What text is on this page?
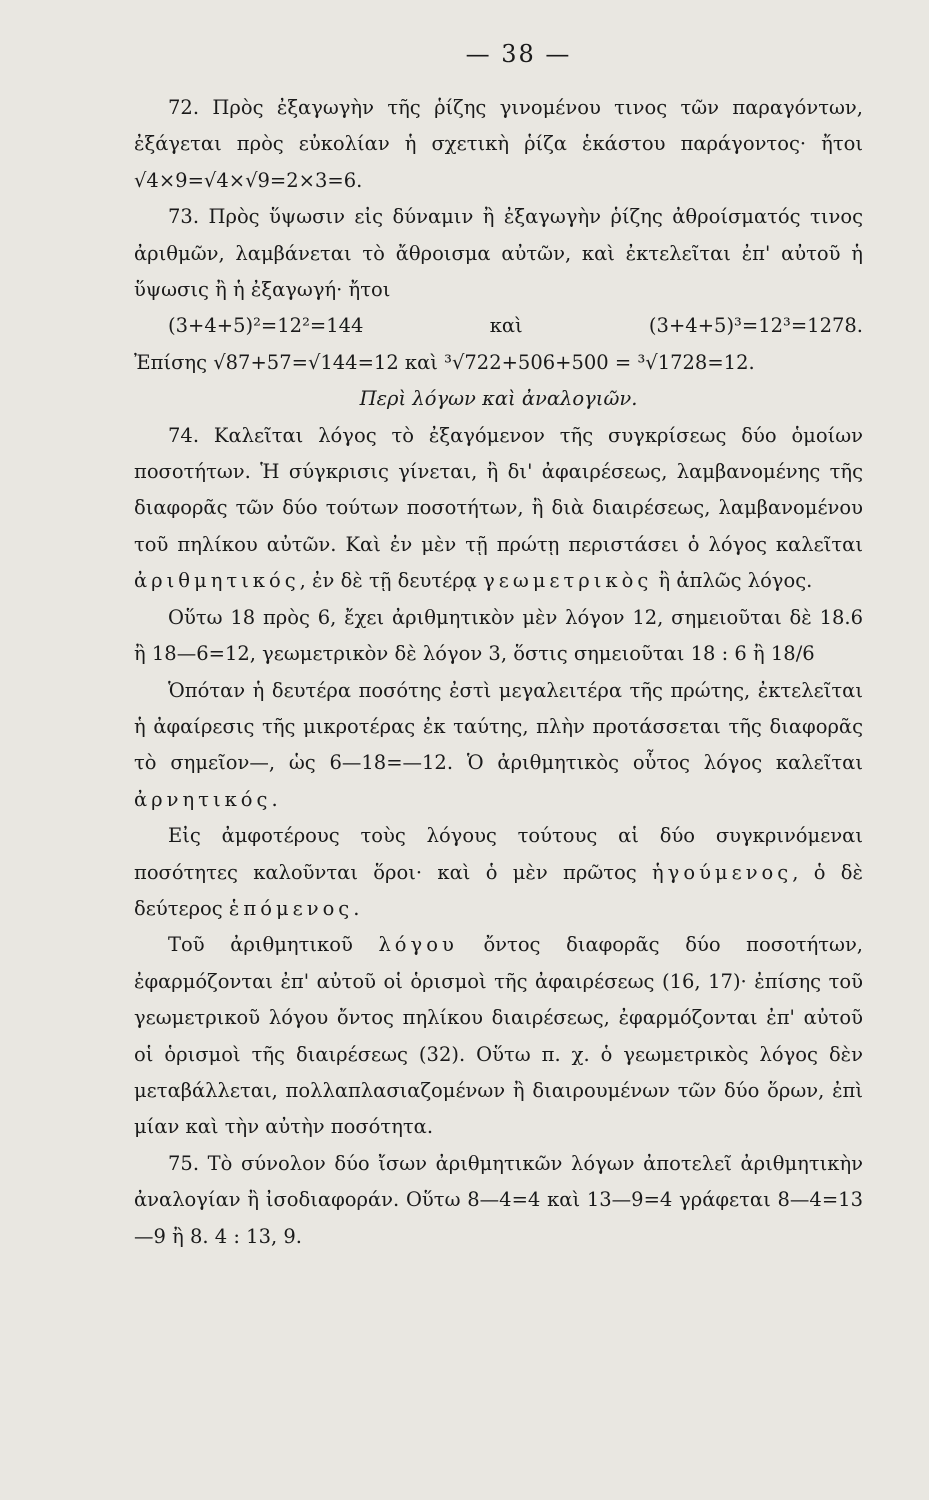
— 38 —

72. Πρὸς ἐξαγωγὴν τῆς ῥίζης γινομένου τινος τῶν παραγόντων, ἐξάγεται πρὸς εὐκολίαν ἡ σχετικὴ ῥίζα ἑκάστου παράγοντος· ἤτοι √4×9=√4×√9=2×3=6.

73. Πρὸς ὕψωσιν εἰς δύναμιν ἢ ἐξαγωγὴν ῥίζης ἀθροίσματός τινος ἀριθμῶν, λαμβάνεται τὸ ἄθροισμα αὐτῶν, καὶ ἐκτελεῖται ἐπ' αὐτοῦ ἡ ὕψωσις ἢ ἡ ἐξαγωγή· ἤτοι

(3+4+5)²=12²=144 καὶ (3+4+5)³=12³=1278.

Ἐπίσης √87+57=√144=12 καὶ ³√722+506+500 = ³√1728=12.

Περὶ λόγων καὶ ἀναλογιῶν.

74. Καλεῖται λόγος τὸ ἐξαγόμενον τῆς συγκρίσεως δύο ὁμοίων ποσοτήτων. Ἡ σύγκρισις γίνεται, ἢ δι' ἀφαιρέσεως, λαμβανομένης τῆς διαφορᾶς τῶν δύο τούτων ποσοτήτων, ἢ διὰ διαιρέσεως, λαμβανομένου τοῦ πηλίκου αὐτῶν. Καὶ ἐν μὲν τῇ πρώτῃ περιστάσει ὁ λόγος καλεῖται ἀριθμητικός, ἐν δὲ τῇ δευτέρᾳ γεωμετρικὸς ἢ ἁπλῶς λόγος.

Οὕτω 18 πρὸς 6, ἔχει ἀριθμητικὸν μὲν λόγον 12, σημειοῦται δὲ 18.6 ἢ 18—6=12, γεωμετρικὸν δὲ λόγον 3, ὅστις σημειοῦται 18 : 6 ἢ 18/6

Ὁπόταν ἡ δευτέρα ποσότης ἐστὶ μεγαλειτέρα τῆς πρώτης, ἐκτελεῖται ἡ ἀφαίρεσις τῆς μικροτέρας ἐκ ταύτης, πλὴν προτάσσεται τῆς διαφορᾶς τὸ σημεῖον—, ὡς 6—18=—12. Ὁ ἀριθμητικὸς οὗτος λόγος καλεῖται ἀρνητικός.

Εἰς ἀμφοτέρους τοὺς λόγους τούτους αἱ δύο συγκρινόμεναι ποσότητες καλοῦνται ὅροι· καὶ ὁ μὲν πρῶτος ἡγούμενος, ὁ δὲ δεύτερος ἑπόμενος.

Τοῦ ἀριθμητικοῦ λόγου ὄντος διαφορᾶς δύο ποσοτήτων, ἐφαρμόζονται ἐπ' αὐτοῦ οἱ ὁρισμοὶ τῆς ἀφαιρέσεως (16, 17)· ἐπίσης τοῦ γεωμετρικοῦ λόγου ὄντος πηλίκου διαιρέσεως, ἐφαρμόζονται ἐπ' αὐτοῦ οἱ ὁρισμοὶ τῆς διαιρέσεως (32). Οὕτω π. χ. ὁ γεωμετρικὸς λόγος δὲν μεταβάλλεται, πολλαπλασιαζομένων ἢ διαιρουμένων τῶν δύο ὅρων, ἐπὶ μίαν καὶ τὴν αὐτὴν ποσότητα.

75. Τὸ σύνολον δύο ἴσων ἀριθμητικῶν λόγων ἀποτελεῖ ἀριθμητικὴν ἀναλογίαν ἢ ἰσοδιαφοράν. Οὕτω 8—4=4 καὶ 13—9=4 γράφεται 8—4=13—9 ἢ 8. 4 : 13, 9.
